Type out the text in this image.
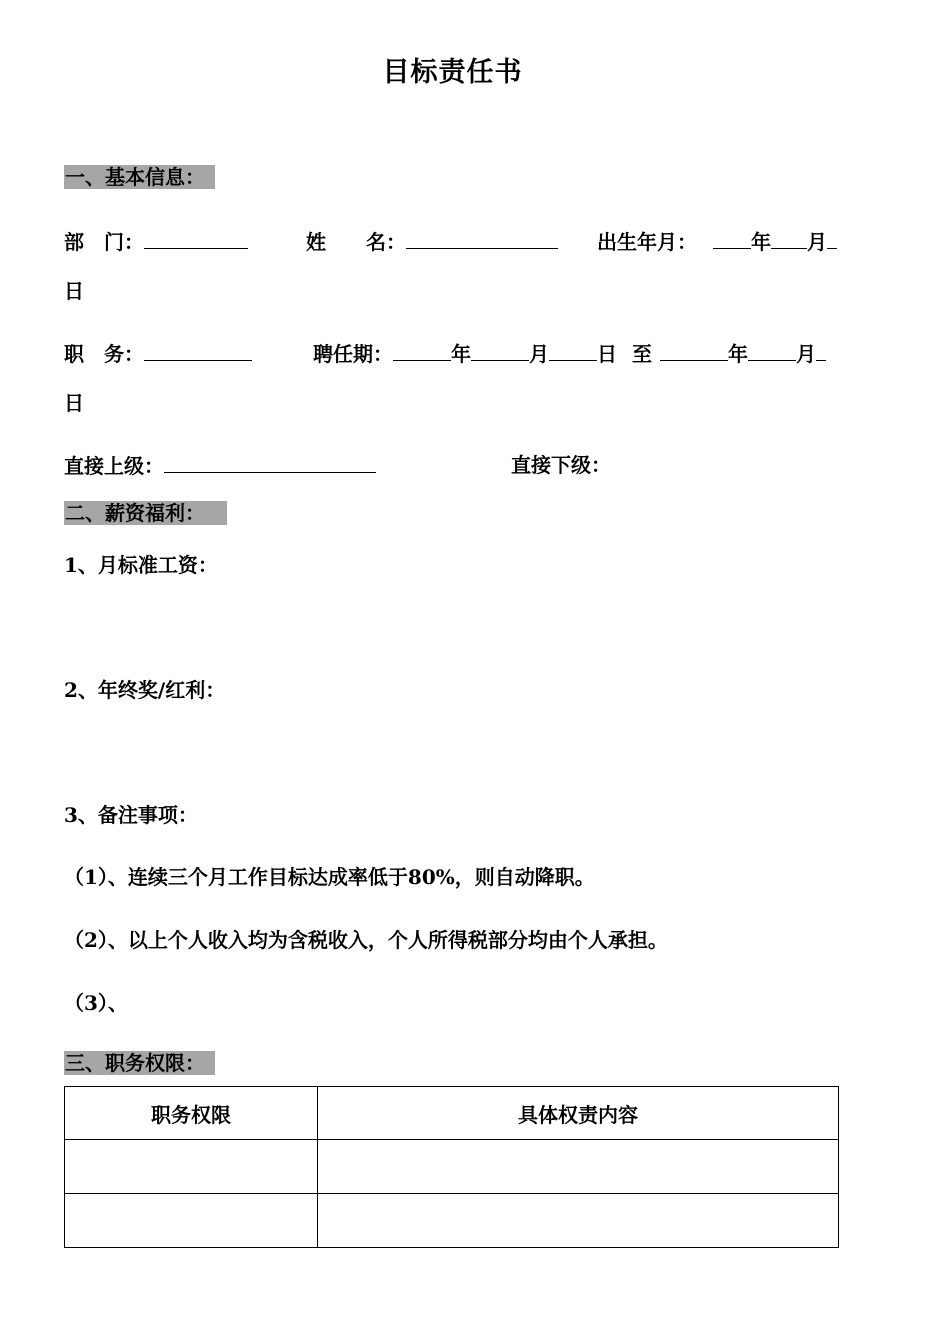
目标责任书
一、基本信息：
部　门：	姓　　名：	出生年月：	年 月
日
职　务：	聘任期：	年	月 日 至	年 月
日
直接上级：	直接下级：
二、薪资福利：
1、月标准工资：
2、年终奖/红利：
3、备注事项：
（1）、连续三个月工作目标达成率低于80%，则自动降职。
（2）、以上个人收入均为含税收入，个人所得税部分均由个人承担。
（3）、
三、职务权限：
职务权限	具体权责内容
